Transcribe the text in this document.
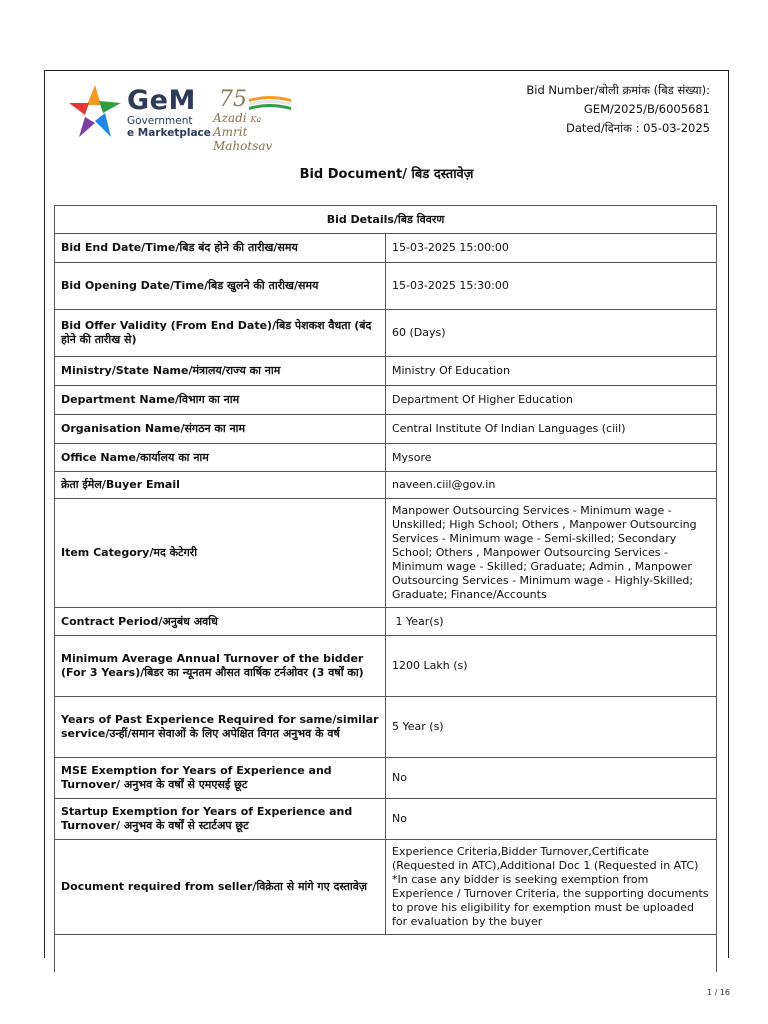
GeM
Government
e Marketplace
75
Azadi Ka
Amrit Mahotsav
Bid Number/बोली क्रमांक (बिड संख्या):
GEM/2025/B/6005681
Dated/दिनांक : 05-03-2025
Bid Document/ बिड दस्तावेज़
Bid Details/बिड विवरण	
Bid End Date/Time/बिड बंद होने की तारीख/समय	15-03-2025 15:00:00
Bid Opening Date/Time/बिड खुलने की तारीख/समय	15-03-2025 15:30:00
Bid Offer Validity (From End Date)/बिड पेशकश वैधता (बंद होने की तारीख से)	60 (Days)
Ministry/State Name/मंत्रालय/राज्य का नाम	Ministry Of Education
Department Name/विभाग का नाम	Department Of Higher Education
Organisation Name/संगठन का नाम	Central Institute Of Indian Languages (ciil)
Office Name/कार्यालय का नाम	Mysore
क्रेता ईमेल/Buyer Email	naveen.ciil@gov.in
Item Category/मद केटेगरी	Manpower Outsourcing Services - Minimum wage - Unskilled; High School; Others , Manpower Outsourcing Services - Minimum wage - Semi-skilled; Secondary School; Others , Manpower Outsourcing Services - Minimum wage - Skilled; Graduate; Admin , Manpower Outsourcing Services - Minimum wage - Highly-Skilled; Graduate; Finance/Accounts
Contract Period/अनुबंध अवधि	1 Year(s)
Minimum Average Annual Turnover of the bidder (For 3 Years)/बिडर का न्यूनतम औसत वार्षिक टर्नओवर (3 वर्षों का)	1200 Lakh (s)
Years of Past Experience Required for same/similar service/उन्हीं/समान सेवाओं के लिए अपेक्षित विगत अनुभव के वर्ष	5 Year (s)
MSE Exemption for Years of Experience and Turnover/ अनुभव के वर्षों से एमएसई छूट	No
Startup Exemption for Years of Experience and Turnover/ अनुभव के वर्षों से स्टार्टअप छूट	No
Document required from seller/विक्रेता से मांगे गए दस्तावेज़	Experience Criteria,Bidder Turnover,Certificate (Requested in ATC),Additional Doc 1 (Requested in ATC)
*In case any bidder is seeking exemption from Experience / Turnover Criteria, the supporting documents to prove his eligibility for exemption must be uploaded for evaluation by the buyer
1 / 16
